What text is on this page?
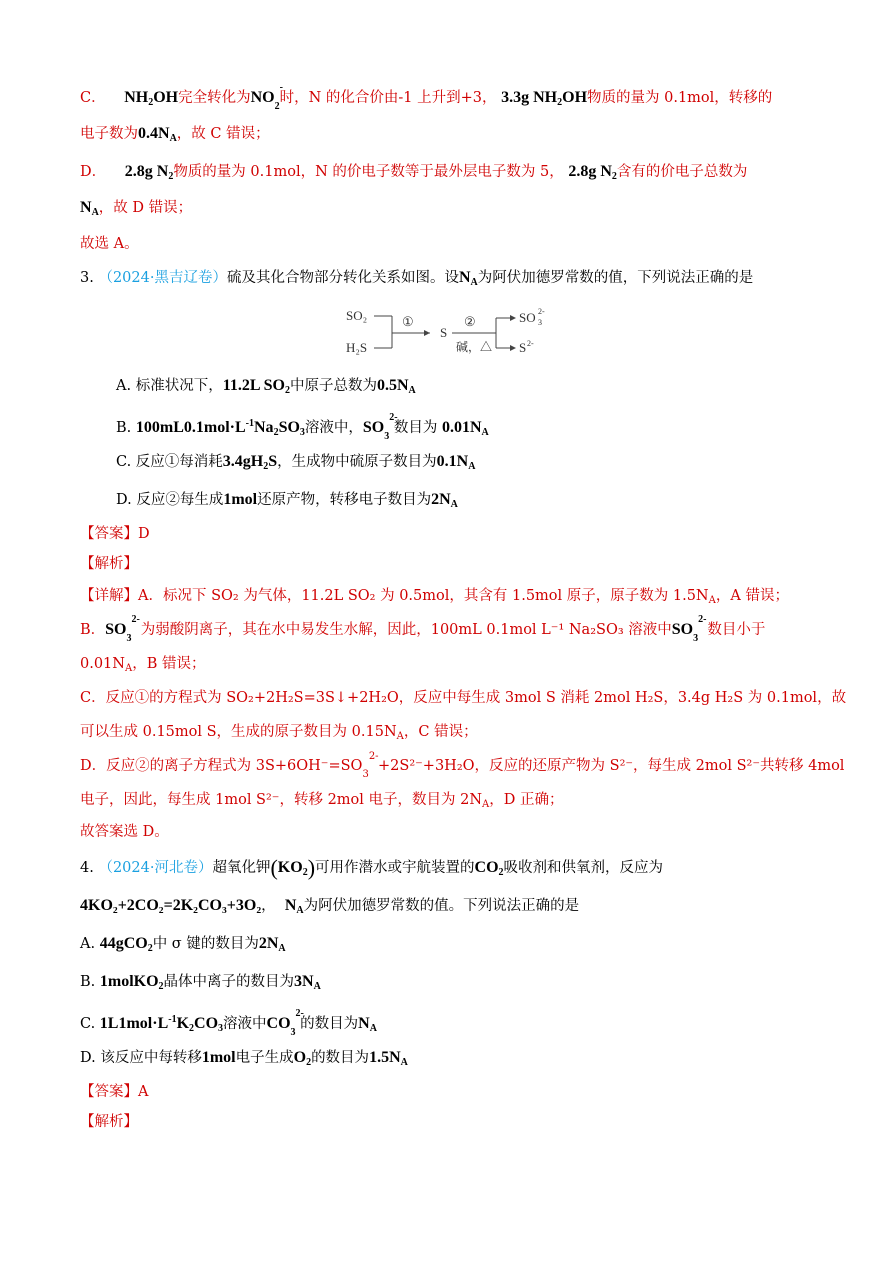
C． $NH_2OH$完全转化为NO2
-
时，N 的化合价由-1 上升到+3， 3.3g $NH_2OH$物质的量为 0.1mol，转移的
电子数为$0.4N_A$，故 C 错误；
D． 2.8g $N_2$物质的量为 0.1mol，N 的价电子数等于最外层电子数为 5， 2.8g $N_2$含有的价电子总数为
$N_A$，故 D 错误；
故选 A。
3. （2024·黑吉辽卷）硫及其化合物部分转化关系如图。设$N_A$为阿伏加德罗常数的值，下列说法正确的是
SO₂
H₂S
①
S
②
碱，△
SO 3
2-
S 2-
A. 标准状况下，11.2L $SO_2$中原子总数为$0.5N_A$
B. $100mL0.1mol\cdot L^{-1}Na_2SO_3$溶液中，SO3
2-
数目为 $0.01N_A$
C. 反应①每消耗$3.4gH_2S$，生成物中硫原子数目为$0.1N_A$
D. 反应②每生成1mol还原产物，转移电子数目为$2N_A$
【答案】D
【解析】
【详解】A．标况下 SO₂ 为气体，11.2L SO₂ 为 0.5mol，其含有 1.5mol 原子，原子数为 $1.5N_A$，A 错误；
B．SO3
2-
为弱酸阴离子，其在水中易发生水解，因此，100mL 0.1mol L⁻¹ Na₂SO₃ 溶液中SO3
2-
数目小于
$0.01N_A$，B 错误；
C．反应①的方程式为 SO₂+2H₂S=3S↓+2H₂O，反应中每生成 3mol S 消耗 2mol H₂S，3.4g H₂S 为 0.1mol，故
可以生成 0.15mol S，生成的原子数目为 $0.15N_A$，C 错误；
D．反应②的离子方程式为 3S+6OH⁻=SO3
2-
+2S²⁻+3H₂O，反应的还原产物为 S²⁻，每生成 2mol S²⁻共转移 4mol
电子，因此，每生成 1mol S²⁻，转移 2mol 电子，数目为 $2N_A$，D 正确；
故答案选 D。
4. （2024·河北卷）超氧化钾$(KO_2)$可用作潜水或宇航装置的$CO_2$吸收剂和供氧剂，反应为
4KO₂+2CO₂=2K₂CO₃+3O₂， $N_A$为阿伏加德罗常数的值。下列说法正确的是
A. 44gCO$_2$中 σ 键的数目为$2N_A$
B. 1molKO$_2$晶体中离子的数目为$3N_A$
C. $1L1mol\cdot L^{-1}K_2CO_3$溶液中CO3
2-
的数目为$N_A$
D. 该反应中每转移1mol电子生成$O_2$的数目为$1.5N_A$
【答案】A
【解析】
